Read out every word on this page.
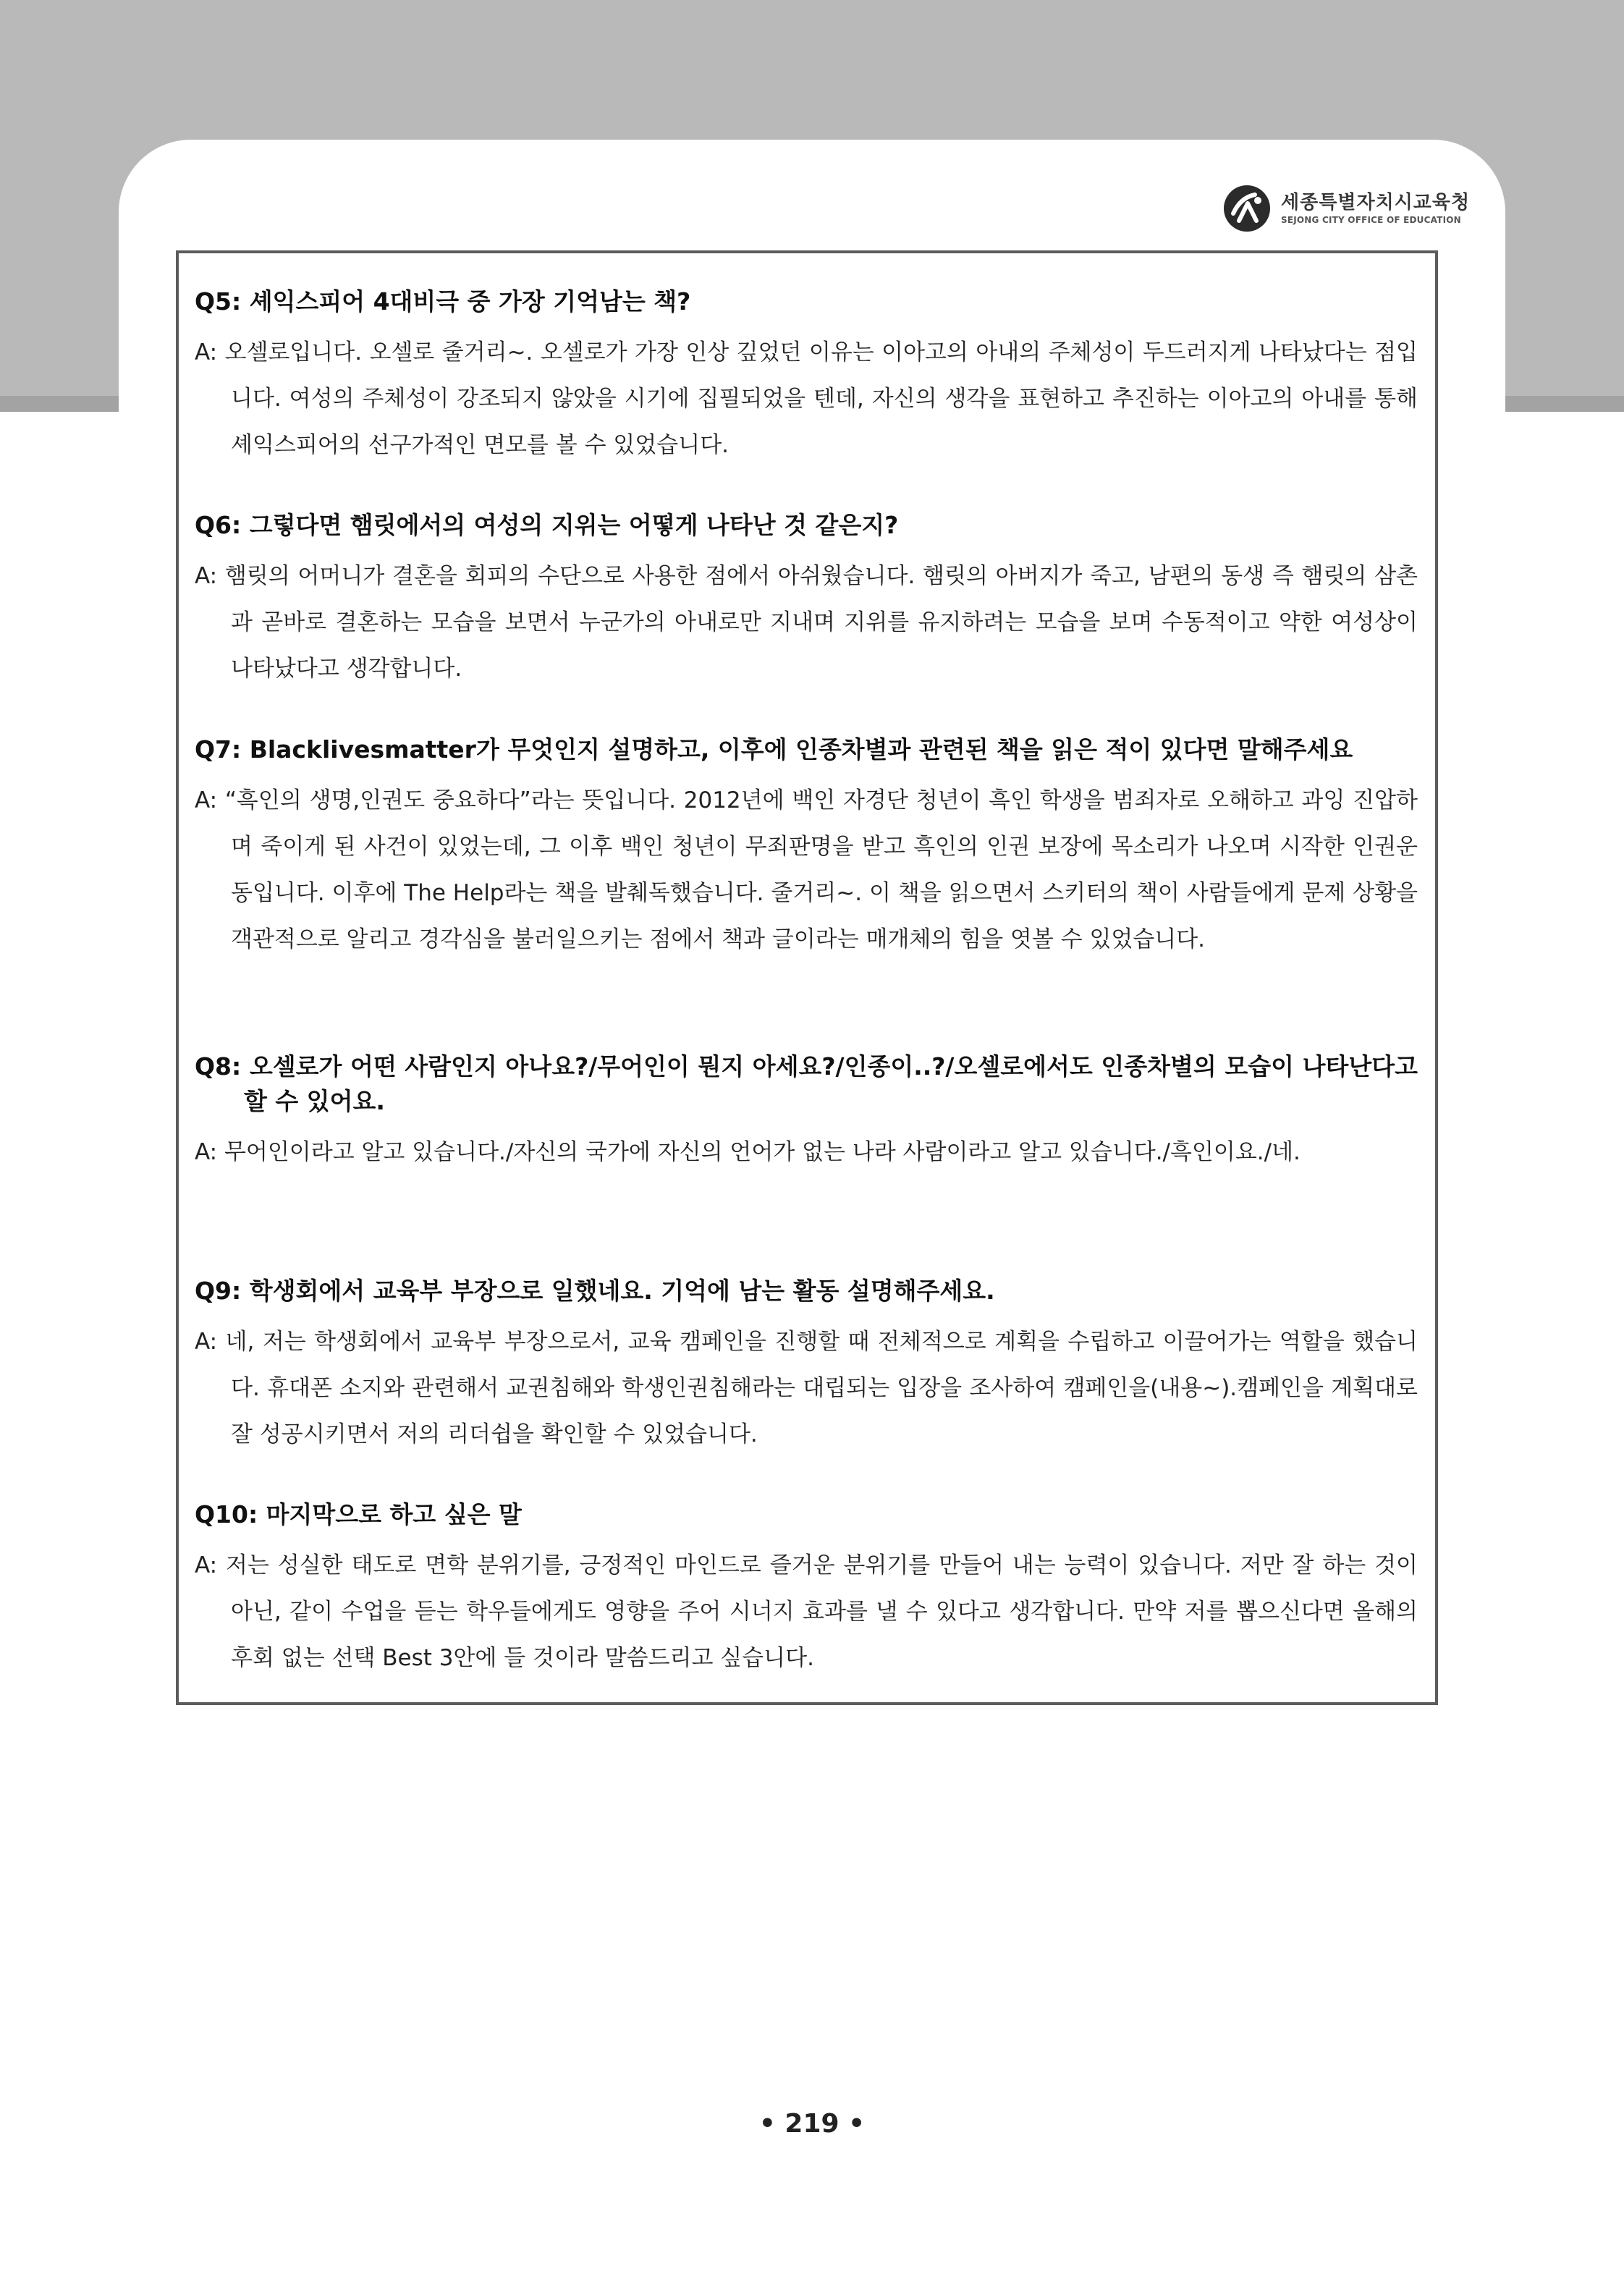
세종특별자치시교육청
SEJONG CITY OFFICE OF EDUCATION

Q5: 셰익스피어 4대비극 중 가장 기억남는 책?

A: 오셀로입니다. 오셀로 줄거리~. 오셀로가 가장 인상 깊었던 이유는 이아고의 아내의 주체성이 두드러지게 나타났다는 점입니다. 여성의 주체성이 강조되지 않았을 시기에 집필되었을 텐데, 자신의 생각을 표현하고 추진하는 이아고의 아내를 통해 셰익스피어의 선구가적인 면모를 볼 수 있었습니다.

Q6: 그렇다면 햄릿에서의 여성의 지위는 어떻게 나타난 것 같은지?

A: 햄릿의 어머니가 결혼을 회피의 수단으로 사용한 점에서 아쉬웠습니다. 햄릿의 아버지가 죽고, 남편의 동생 즉 햄릿의 삼촌과 곧바로 결혼하는 모습을 보면서 누군가의 아내로만 지내며 지위를 유지하려는 모습을 보며 수동적이고 약한 여성상이 나타났다고 생각합니다.

Q7: Blacklivesmatter가 무엇인지 설명하고, 이후에 인종차별과 관련된 책을 읽은 적이 있다면 말해주세요

A: “흑인의 생명,인권도 중요하다”라는 뜻입니다. 2012년에 백인 자경단 청년이 흑인 학생을 범죄자로 오해하고 과잉 진압하며 죽이게 된 사건이 있었는데, 그 이후 백인 청년이 무죄판명을 받고 흑인의 인권 보장에 목소리가 나오며 시작한 인권운동입니다. 이후에 The Help라는 책을 발췌독했습니다. 줄거리~. 이 책을 읽으면서 스키터의 책이 사람들에게 문제 상황을 객관적으로 알리고 경각심을 불러일으키는 점에서 책과 글이라는 매개체의 힘을 엿볼 수 있었습니다.

Q8: 오셀로가 어떤 사람인지 아나요?/무어인이 뭔지 아세요?/인종이..?/오셀로에서도 인종차별의 모습이 나타난다고 할 수 있어요.

A: 무어인이라고 알고 있습니다./자신의 국가에 자신의 언어가 없는 나라 사람이라고 알고 있습니다./흑인이요./네.

Q9: 학생회에서 교육부 부장으로 일했네요. 기억에 남는 활동 설명해주세요.

A: 네, 저는 학생회에서 교육부 부장으로서, 교육 캠페인을 진행할 때 전체적으로 계획을 수립하고 이끌어가는 역할을 했습니다. 휴대폰 소지와 관련해서 교권침해와 학생인권침해라는 대립되는 입장을 조사하여 캠페인을(내용~).캠페인을 계획대로 잘 성공시키면서 저의 리더쉽을 확인할 수 있었습니다.

Q10: 마지막으로 하고 싶은 말

A: 저는 성실한 태도로 면학 분위기를, 긍정적인 마인드로 즐거운 분위기를 만들어 내는 능력이 있습니다. 저만 잘 하는 것이 아닌, 같이 수업을 듣는 학우들에게도 영향을 주어 시너지 효과를 낼 수 있다고 생각합니다. 만약 저를 뽑으신다면 올해의 후회 없는 선택 Best 3안에 들 것이라 말씀드리고 싶습니다.

• 219 •
